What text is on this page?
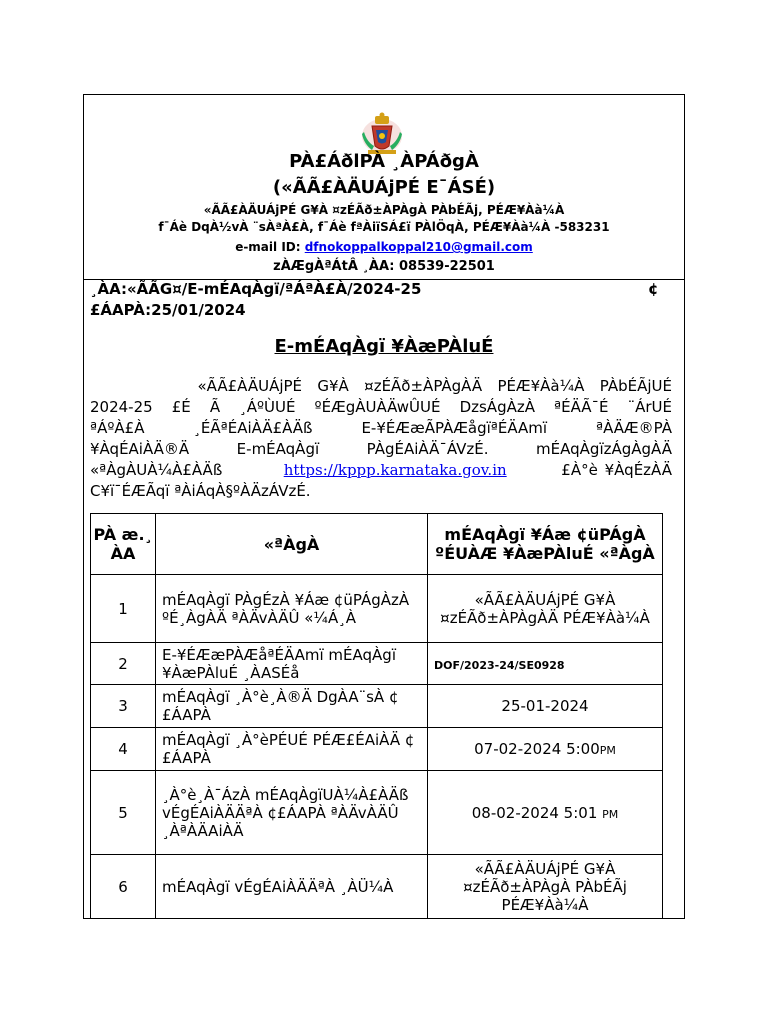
PÀ£ÁðlPÀ ¸ÀPÁðgÀ
(«ÃÃ£ÀÄUÁjPÉ E¯ÁSÉ)
«ÃÃ£ÀÄUÁjPÉ G¥À ¤zÉÃð±ÀPÀgÀ PÀbÉÃj, PÉÆ¥Àà¼À
f¯Áè DqÀ½vÀ ¨sÀªÀ£À, f¯Áè fªÀiïSÁ£ï PÀlÖqÀ, PÉÆ¥Àà¼À -583231
e-mail ID: dfnokoppalkoppal210@gmail.com
zÀÆgÀªÁtÂ ¸ÀA: 08539-22501
¸ÀA:«ÃÃG¤/E-mÉAqÀgï/ªÁªÀ£À/2024-25	¢
£ÁAPÀ:25/01/2024
E-mÉAqÀgï ¥ÀæPÀluÉ
«ÃÃ£ÀÄUÁjPÉ G¥À ¤zÉÃð±ÀPÀgÀÄ PÉÆ¥Àà¼À PÀbÉÃjUÉ
2024-25 £É Ã ¸ÁºÙUÉ ºÉÆgÀUÀÄwÛUÉ DzsÁgÀzÀ ªÉÄÃ¯É ¨ÁrUÉ
ªÁºÀ£À ¸ÉÃªÉAiÀÄ£ÀÄß E-¥ÉÆæÃPÀÆågïªÉÄAmï ªÀÄÆ®PÀ
¥ÀqÉAiÀÄ®Ä E-mÉAqÀgï PÀgÉAiÀÄ¯ÁVzÉ. mÉAqÀgïzÁgÀgÀÄ
«ªÀgÀUÀ¼À£ÀÄß	https://kppp.karnataka.gov.in	£À°è ¥ÀqÉzÀÄ
C¥ï¯ÉÆÃqï ªÀiÁqÀ§ºÀÄzÁVzÉ.
PÀ æ.¸ ÀA	«ªÀgÀ	mÉAqÀgï ¥Áæ ¢üPÁgÀ ºÉUÀÆ ¥ÀæPÀluÉ «ªÀgÀ
1	mÉAqÀgï PÀgÉzÀ ¥Áæ ¢üPÁgÀzÀ ºÉ¸ÀgÀÄ ªÀÄvÀÄÛ «¼Á¸À	«ÃÃ£ÀÄUÁjPÉ G¥À ¤zÉÃð±ÀPÀgÀÄ PÉÆ¥Àà¼À
2	E-¥ÉÆæPÀÆåªÉÄAmï mÉAqÀgï ¥ÀæPÀluÉ ¸ÀASÉå	DOF/2023-24/SE0928
3	mÉAqÀgï ¸À°è¸À®Ä DgÀA¨sÀ ¢£ÁAPÀ	25-01-2024
4	mÉAqÀgï ¸À°èPÉUÉ PÉÆ£ÉAiÀÄ ¢£ÁAPÀ	07-02-2024 5:00PM
5	¸À°è¸À¯ÁzÀ mÉAqÀgïUÀ¼À£ÀÄß vÉgÉAiÀÄÄªÀ ¢£ÁAPÀ ªÀÄvÀÄÛ ¸ÀªÀÄAiÀÄ	08-02-2024 5:01 PM
6	mÉAqÀgï vÉgÉAiÀÄÄªÀ ¸ÀÜ¼À	«ÃÃ£ÀÄUÁjPÉ G¥À ¤zÉÃð±ÀPÀgÀ PÀbÉÃj PÉÆ¥Àà¼À
